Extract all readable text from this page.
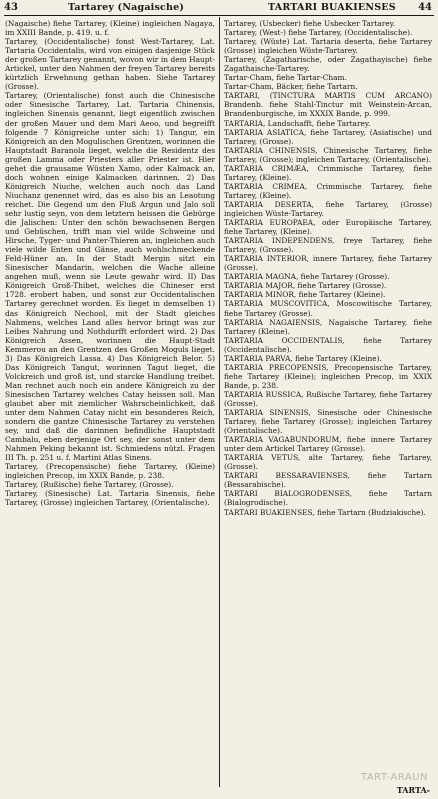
43	Tartarey (Nagaische)	TARTARI BUAKIENSES 44

(Nagaische) fiehe Tartarey, (Kleine) ingleichen Nagaya, im XXIII Bande, p. 419. u. f.

Tartarey, (Occidentalische) fonst West-Tartarey, Lat. Tartaria Occidentalis, wird von einigen dasjenige Stück der großen Tartarey genannt, wovon wir in dem Haupt-Artickel, unter den Nahmen der freyen Tartarey bereits kürtzlich Erwehnung gethan haben. Siehe Tartarey (Grosse).

Tartarey, (Orientalische) fonst auch die Chinesische oder Sinesische Tartarey, Lat. Tartaria Chinensis, ingleichen Sinensis genannt, liegt eigentlich zwischen der großen Mauer und dem Mari Aeoo, und begreifft folgende 7 Königreiche unter sich: 1) Tangur, ein Königreich an den Mogulischen Grentzen, worinnen die Hauptstadt Baranola lieget, welche die Residentz des großen Lamma oder Priesters aller Priester ist. Hier gehet die grausame Wüsten Xamo, oder Kalmack an, doch wohnen einige Kalmacken darinnen. 2) Das Königreich Niuche, welchen auch noch das Land Niuchanz genennet wird, das es also bis an Leaotung reichet. Die Gegend um den Fluß Argun und Jalo soll sehr lustig seyn, von dem letztern heissen die Gebürge die Jalischen: Unter den schön bewachsenen Bergen und Gebüschen, trifft man viel wilde Schweine und Hirsche, Tyger- und Panter-Thieren an, ingleichen auch viele wilde Enten und Gänse, auch wohlschmeckende Feld-Hüner an. In der Stadt Mergin sitzt ein Sinesischer Mandarin, welchen die Wache alleine angehen muß, wenn sie Leute gewahr wird. II) Das Königreich Groß-Thibet, welches die Chineser erst 1728. erobert haben, und sonst zur Occidentalischen Tartarey gerechnet worden. Es lieget in demselben 1) das Königreich Nechool, mit der Stadt gleiches Nahmens, welches Land alles hervor bringt was zur Leibes Nahrung und Nothdurfft erfordert wird. 2) Das Königreich Assen, worinnen die Haupt-Stadt Kemmerou an den Grentzen des Großen Moguls lieget. 3) Das Königreich Lassa. 4) Das Königreich Belor. 5) Das Königreich Tangut, worinnen Tagut lieget, die Volckreich und groß ist, und starcke Handlung treibet. Man rechnet auch noch ein andere Königreich zu der Sinesischen Tartarey welches Catay heissen soll. Man glaubet aber mit ziemlicher Wahrscheinlichkeit, daß unter dem Nahmen Catay nicht ein besonderes Reich, sondern die gantze Chinesische Tartarey zu verstehen sey, und daß die darinnen befindliche Hauptstadt Cambalu, eben derjenige Ort sey, der sonst unter dem Nahmen Peking bekannt ist. Schmiedens nützl. Fragen III Th. p. 251 u. f. Martini Atlas Sinens.

Tartarey, (Precopensische) fiehe Tartarey, (Kleine) ingleichen Precop, im XXIX Bande, p. 238.

Tartarey, (Rußische) fiehe Tartarey, (Grosse).

Tartarey, (Sinesische) Lat. Tartaria Sinensis, fiehe Tartarey, (Grosse) ingleichen Tartarey, (Orientalische).

Tartarey, (Usbecker) fiehe Usbecker Tartarey.

Tartarey, (West-) fiehe Tartarey, (Occidentalische).

Tartarey, (Wüste) Lat. Tartaria deserta, fiehe Tartarey (Grosse) ingleichen Wüste-Tartarey.

Tartarey, (Zagatharische, oder Zagathayische) fiehe Zagathaische-Tartarey.

Tartar-Cham, fiehe Tartar-Cham.

Tartar-Cham, Bäcker, fiehe Tartarn.

TARTARI, (TINCTURA MARTIS CUM ARCANO) Brandenb. fiehe Stahl-Tinctur mit Weinstein-Arcan, Brandenburgische, im XXXIX Bande, p. 999.

TARTARIA, Landschafft, fiehe Tartarey.

TARTARIA ASIATICA, fiehe Tartarey, (Asiatische) und Tartarey, (Grosse).

TARTARIA CHINENSIS, Chinesische Tartarey, fiehe Tartarey, (Grosse); ingleichen Tartarey, (Orientalische).

TARTARIA CRIMÆA, Crimmische Tartarey, fiehe Tartarey, (Kleine).

TARTARIA CRIMEA, Crimmische Tartarey, fiehe Tartarey, (Kleine).

TARTARIA DESERTA, fiehe Tartarey, (Grosse) ingleichen Wüste-Tartarey.

TARTARIA EUROPAEA, oder Europäische Tartarey, fiehe Tartarey, (Kleine).

TARTARIA INDEPENDENS, freye Tartarey, fiehe Tartarey, (Grosse).

TARTARIA INTERIOR, innere Tartarey, fiehe Tartarey (Grosse).

TARTARIA MAGNA, fiehe Tartarey (Grosse).

TARTARIA MAJOR, fiehe Tartarey (Grosse).

TARTARIA MINOR, fiehe Tartarey (Kleine).

TARTARIA MUSCOVITICA, Moscowitische Tartarey, fiehe Tartarey (Grosse).

TARTARIA NAGAIENSIS, Nagaische Tartarey, fiehe Tartarey (Kleine).

TARTARIA OCCIDENTALIS, fiehe Tartarey (Occidentalische).

TARTARIA PARVA, fiehe Tartarey (Kleine).

TARTARIA PRECOPENSIS, Precopensische Tartarey, fiehe Tartarey (Kleine); ingleichen Precop, im XXIX Bande, p. 238.

TARTARIA RUSSICA, Rußische Tartarey, fiehe Tartarey (Grosse).

TARTARIA SINENSIS, Sinesische oder Chinesische Tartarey, fiehe Tartarey (Grosse); ingleichen Tartarey (Orientalische).

TARTARIA VAGABUNDORUM, fiehe innere Tartarey unter dem Artickel Tartarey (Grosse).

TARTARIA VETUS, alte Tartarey, fiehe Tartarey, (Grosse).

TARTARI BESSARAVIENSES, fiehe Tartarn (Bessarabische).

TARTARI BIALOGRODENSES, fiehe Tartarn (Bialogrodische).

TARTARI BUAKIENSES, fiehe Tartarn (Budziakische).

TART-ARAUN
TARTA-
